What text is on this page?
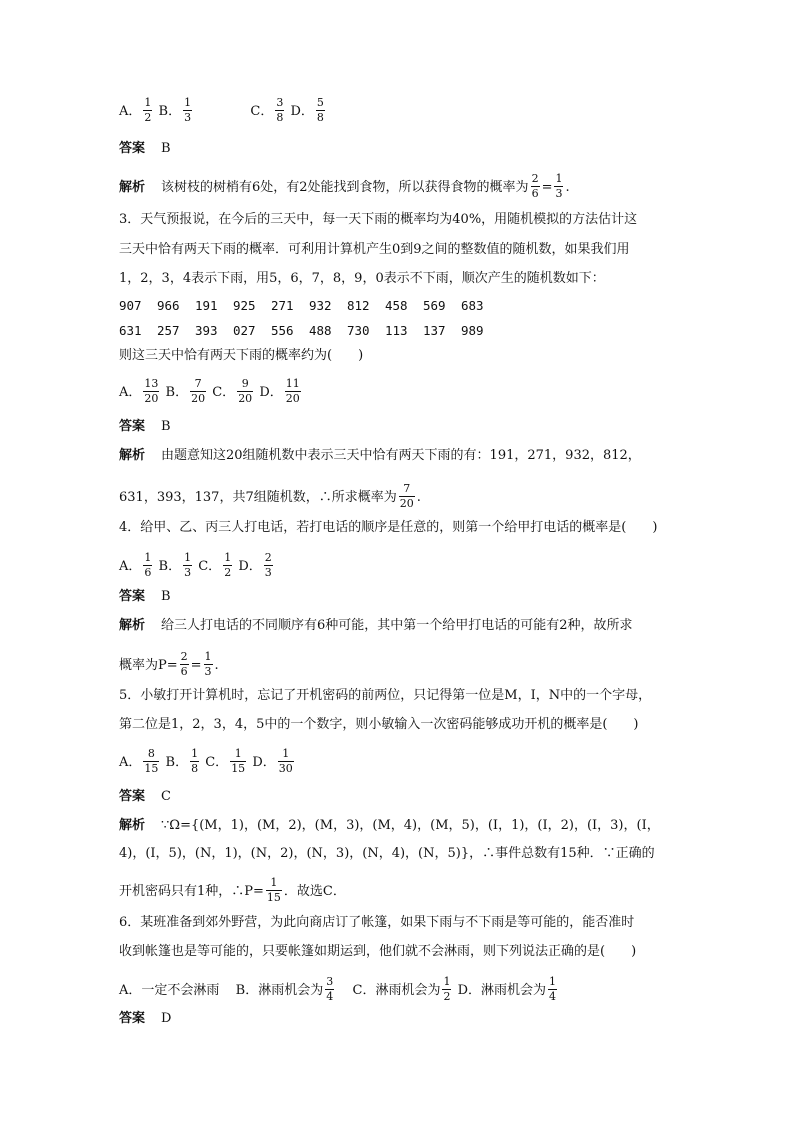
A． $\frac{1}{2}$ B． $\frac{1}{3}$	C． $\frac{3}{8}$ D． $\frac{5}{8}$
答案 B
解析 该树枝的树梢有6处，有2处能找到食物，所以获得食物的概率为 $\frac{2}{6} = \frac{1}{3}$ .
3．天气预报说，在今后的三天中，每一天下雨的概率均为40%，用随机模拟的方法估计这
三天中恰有两天下雨的概率．可利用计算机产生0到9之间的整数值的随机数，如果我们用
1，2，3，4表示下雨，用5，6，7，8，9，0表示不下雨，顺次产生的随机数如下：
907 966 191 925 271 932 812 458 569 683
631 257 393 027 556 488 730 113 137 989
则这三天中恰有两天下雨的概率约为(　　)
A． $\frac{13}{20}$ B． $\frac{7}{20}$ C． $\frac{9}{20}$ D． $\frac{11}{20}$
答案 B
解析 由题意知这20组随机数中表示三天中恰有两天下雨的有：191，271，932，812，
631，393，137，共7组随机数，∴所求概率为 $\frac{7}{20}$ .
4．给甲、乙、丙三人打电话，若打电话的顺序是任意的，则第一个给甲打电话的概率是(　　)
A． $\frac{1}{6}$ B． $\frac{1}{3}$ C． $\frac{1}{2}$ D． $\frac{2}{3}$
答案 B
解析 给三人打电话的不同顺序有6种可能，其中第一个给甲打电话的可能有2种，故所求
概率为$P= \frac{2}{6} = \frac{1}{3}$ .
5．小敏打开计算机时，忘记了开机密码的前两位，只记得第一位是M，I，N中的一个字母，
第二位是1，2，3，4，5中的一个数字，则小敏输入一次密码能够成功开机的概率是(　　)
A． $\frac{8}{15}$ B． $\frac{1}{8}$ C． $\frac{1}{15}$ D． $\frac{1}{30}$
答案 C
解析 ∵Ω={(M，1)，(M，2)，(M，3)，(M，4)，(M，5)，(I，1)，(I，2)，(I，3)，(I，
4)，(I，5)，(N，1)，(N，2)，(N，3)，(N，4)，(N，5)}，∴事件总数有15种．∵正确的
开机密码只有1种，∴P= $\frac{1}{15}$ ．故选C．
6．某班准备到郊外野营，为此向商店订了帐篷，如果下雨与不下雨是等可能的，能否准时
收到帐篷也是等可能的，只要帐篷如期运到，他们就不会淋雨，则下列说法正确的是(　　)
A．一定不会淋雨 B．淋雨机会为 $\frac{3}{4}$ C．淋雨机会为 $\frac{1}{2}$ D．淋雨机会为 $\frac{1}{4}$
答案 D
